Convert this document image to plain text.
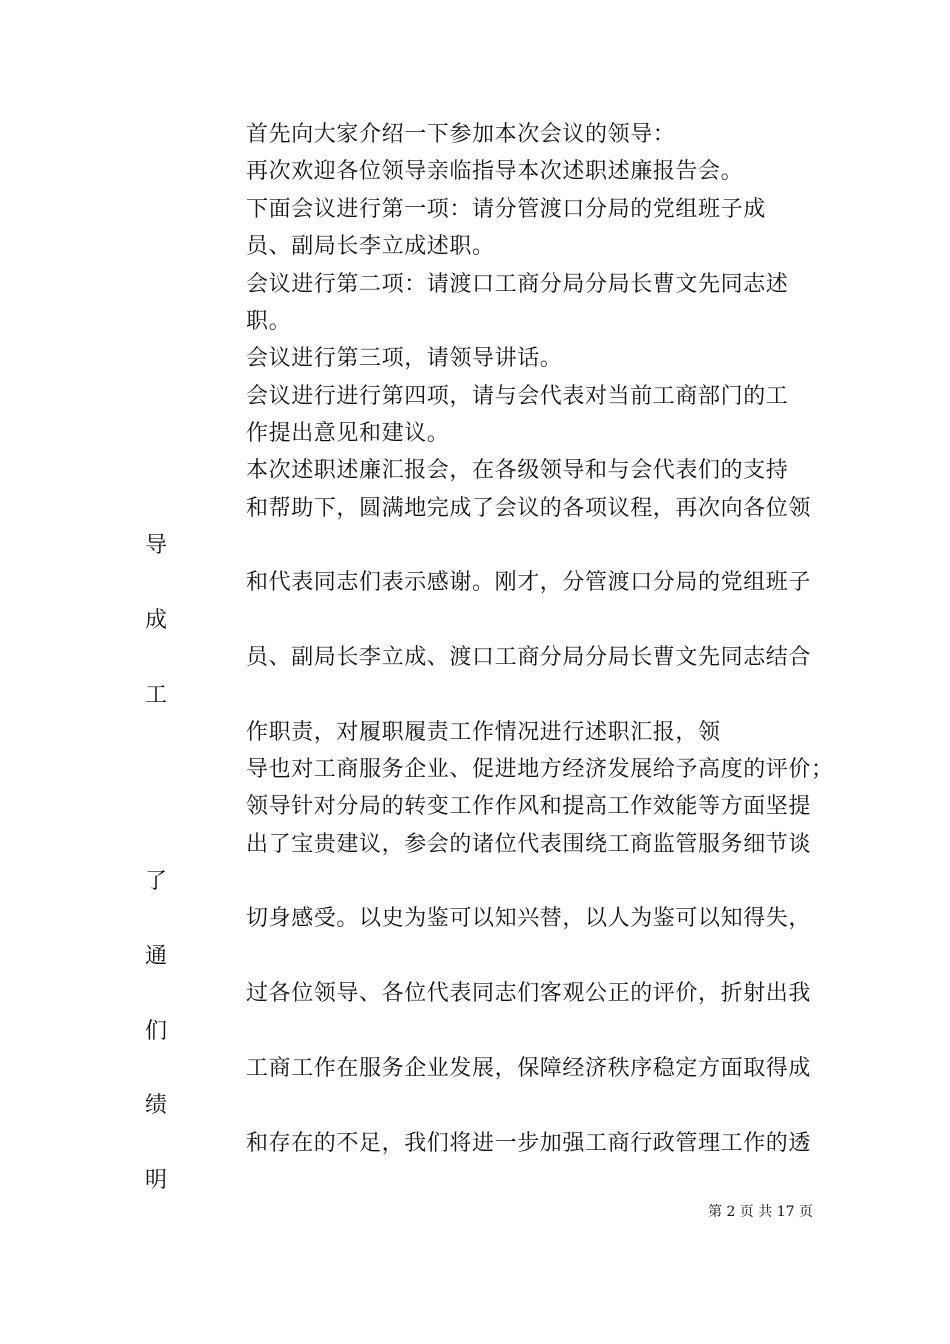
首先向大家介绍一下参加本次会议的领导：
再次欢迎各位领导亲临指导本次述职述廉报告会。
下面会议进行第一项：请分管渡口分局的党组班子成
员、副局长李立成述职。
会议进行第二项：请渡口工商分局分局长曹文先同志述
职。
会议进行第三项，请领导讲话。
会议进行进行第四项，请与会代表对当前工商部门的工
作提出意见和建议。
本次述职述廉汇报会，在各级领导和与会代表们的支持
和帮助下，圆满地完成了会议的各项议程，再次向各位领
导
和代表同志们表示感谢。刚才，分管渡口分局的党组班子
成
员、副局长李立成、渡口工商分局分局长曹文先同志结合
工
作职责，对履职履责工作情况进行述职汇报，领
导也对工商服务企业、促进地方经济发展给予高度的评价；
领导针对分局的转变工作作风和提高工作效能等方面坚提
出了宝贵建议，参会的诸位代表围绕工商监管服务细节谈
了
切身感受。以史为鉴可以知兴替，以人为鉴可以知得失，
通
过各位领导、各位代表同志们客观公正的评价，折射出我
们
工商工作在服务企业发展，保障经济秩序稳定方面取得成
绩
和存在的不足，我们将进一步加强工商行政管理工作的透
明
第 2 页 共 17 页
